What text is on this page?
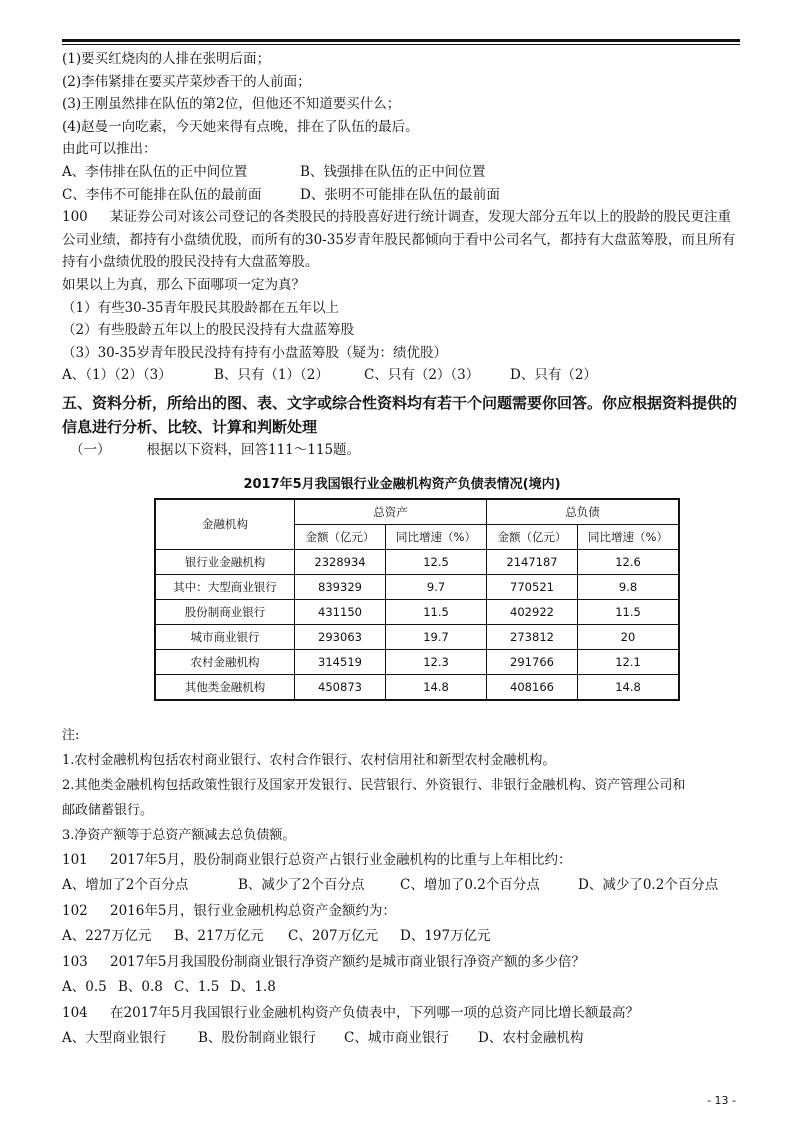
(1)要买红烧肉的人排在张明后面；
(2)李伟紧排在要买芹菜炒香干的人前面；
(3)王刚虽然排在队伍的第2位，但他还不知道要买什么；
(4)赵曼一向吃素，今天她来得有点晚，排在了队伍的最后。
由此可以推出：
A、李伟排在队伍的正中间位置	B、钱强排在队伍的正中间位置
C、李伟不可能排在队伍的最前面	D、张明不可能排在队伍的最前面
100 某证券公司对该公司登记的各类股民的持股喜好进行统计调查，发现大部分五年以上的股龄的股民更注重公司业绩，都持有小盘绩优股，而所有的30-35岁青年股民都倾向于看中公司名气，都持有大盘蓝筹股，而且所有持有小盘绩优股的股民没持有大盘蓝筹股。
如果以上为真，那么下面哪项一定为真？
（1）有些30-35青年股民其股龄都在五年以上
（2）有些股龄五年以上的股民没持有大盘蓝筹股
（3）30-35岁青年股民没持有持有小盘蓝筹股（疑为：绩优股）
A、（1）（2）（3）	B、只有（1）（2）	C、只有（2）（3）	D、只有（2）
五、资料分析，所给出的图、表、文字或综合性资料均有若干个问题需要你回答。你应根据资料提供的信息进行分析、比较、计算和判断处理
（一）	根据以下资料，回答111～115题。
2017年5月我国银行业金融机构资产负债表情况(境内)
金融机构	总资产		总负债	
	金额（亿元）	同比增速（%）	金额（亿元）	同比增速（%）
银行业金融机构	2328934	12.5	2147187	12.6
其中：大型商业银行	839329	9.7	770521	9.8
股份制商业银行	431150	11.5	402922	11.5
城市商业银行	293063	19.7	273812	20
农村金融机构	314519	12.3	291766	12.1
其他类金融机构	450873	14.8	408166	14.8
注:
1.农村金融机构包括农村商业银行、农村合作银行、农村信用社和新型农村金融机构。
2.其他类金融机构包括政策性银行及国家开发银行、民营银行、外资银行、非银行金融机构、资产管理公司和
邮政储蓄银行。
3.净资产额等于总资产额减去总负债额。
101 2017年5月，股份制商业银行总资产占银行业金融机构的比重与上年相比约：
A、增加了2个百分点	B、减少了2个百分点	C、增加了0.2个百分点	D、减少了0.2个百分点
102 2016年5月，银行业金融机构总资产金额约为：
A、227万亿元	B、217万亿元	C、207万亿元	D、197万亿元
103 2017年5月我国股份制商业银行净资产额约是城市商业银行净资产额的多少倍？
A、0.5 B、0.8 C、1.5 D、1.8
104 在2017年5月我国银行业金融机构资产负债表中，下列哪一项的总资产同比增长额最高？
A、大型商业银行	B、股份制商业银行	C、城市商业银行	D、农村金融机构
- 13 -
